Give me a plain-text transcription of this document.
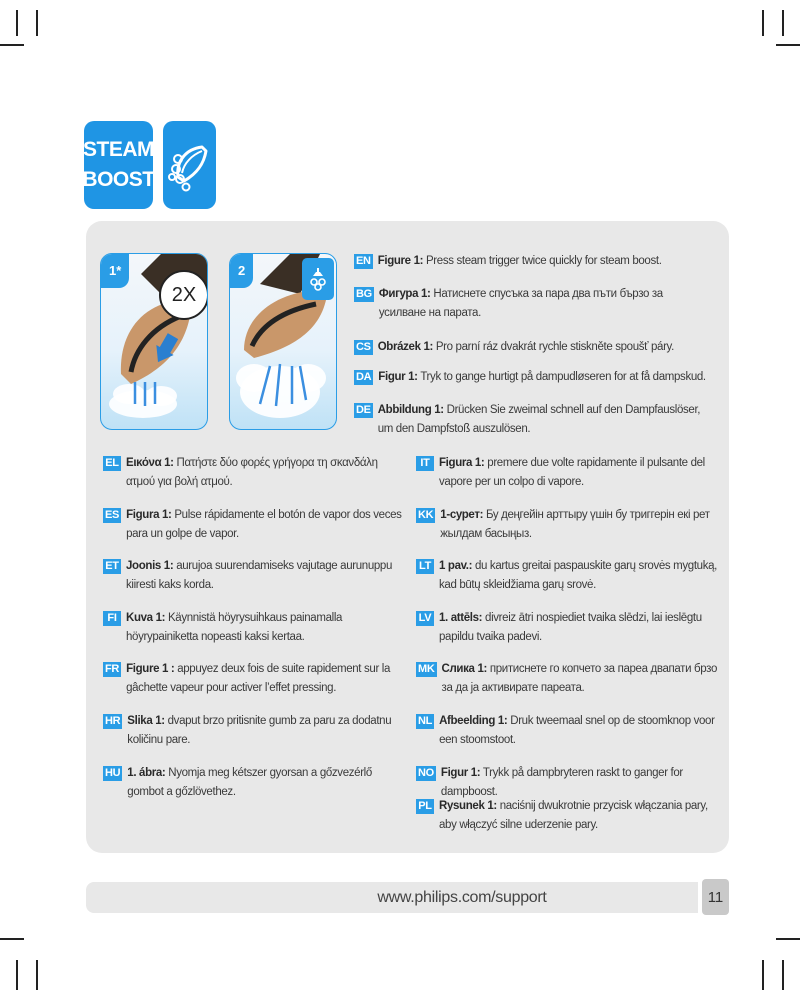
STEAM
BOOST
1*
2X
2
EN Figure 1: Press steam trigger twice quickly for steam boost.
BG Фигура 1: Натиснете спусъка за пара два пъти бързо за усилване на парата.
CS Obrázek 1: Pro parní ráz dvakrát rychle stiskněte spoušť páry.
DA Figur 1: Tryk to gange hurtigt på dampudløseren for at få dampskud.
DE Abbildung 1: Drücken Sie zweimal schnell auf den Dampfauslöser, um den Dampfstoß auszulösen.
EL Εικόνα 1: Πατήστε δύο φορές γρήγορα τη σκανδάλη ατμού για βολή ατμού.
ES Figura 1: Pulse rápidamente el botón de vapor dos veces para un golpe de vapor.
ET Joonis 1: aurujoa suurendamiseks vajutage aurunuppu kiiresti kaks korda.
FI Kuva 1: Käynnistä höyrysuihkaus painamalla höyrypainiketta nopeasti kaksi kertaa.
FR Figure 1 : appuyez deux fois de suite rapidement sur la gâchette vapeur pour activer l’effet pressing.
HR Slika 1: dvaput brzo pritisnite gumb za paru za dodatnu količinu pare.
HU 1. ábra: Nyomja meg kétszer gyorsan a gőzvezérlő gombot a gőzlövethez.
IT Figura 1: premere due volte rapidamente il pulsante del vapore per un colpo di vapore.
KK 1-сурет: Бу деңгейін арттыру үшін бу триггерін екі рет жылдам басыңыз.
LT 1 pav.: du kartus greitai paspauskite garų srovės mygtuką, kad būtų skleidžiama garų srovė.
LV 1. attēls: divreiz ātri nospiediet tvaika slēdzi, lai ieslēgtu papildu tvaika padevi.
MK Слика 1: притиснете го копчето за пареа двапати брзо за да ја активирате пареата.
NL Afbeelding 1: Druk tweemaal snel op de stoomknop voor een stoomstoot.
NO Figur 1: Trykk på dampbryteren raskt to ganger for dampboost.
PL Rysunek 1: naciśnij dwukrotnie przycisk włączania pary, aby włączyć silne uderzenie pary.
www.philips.com/support	11
